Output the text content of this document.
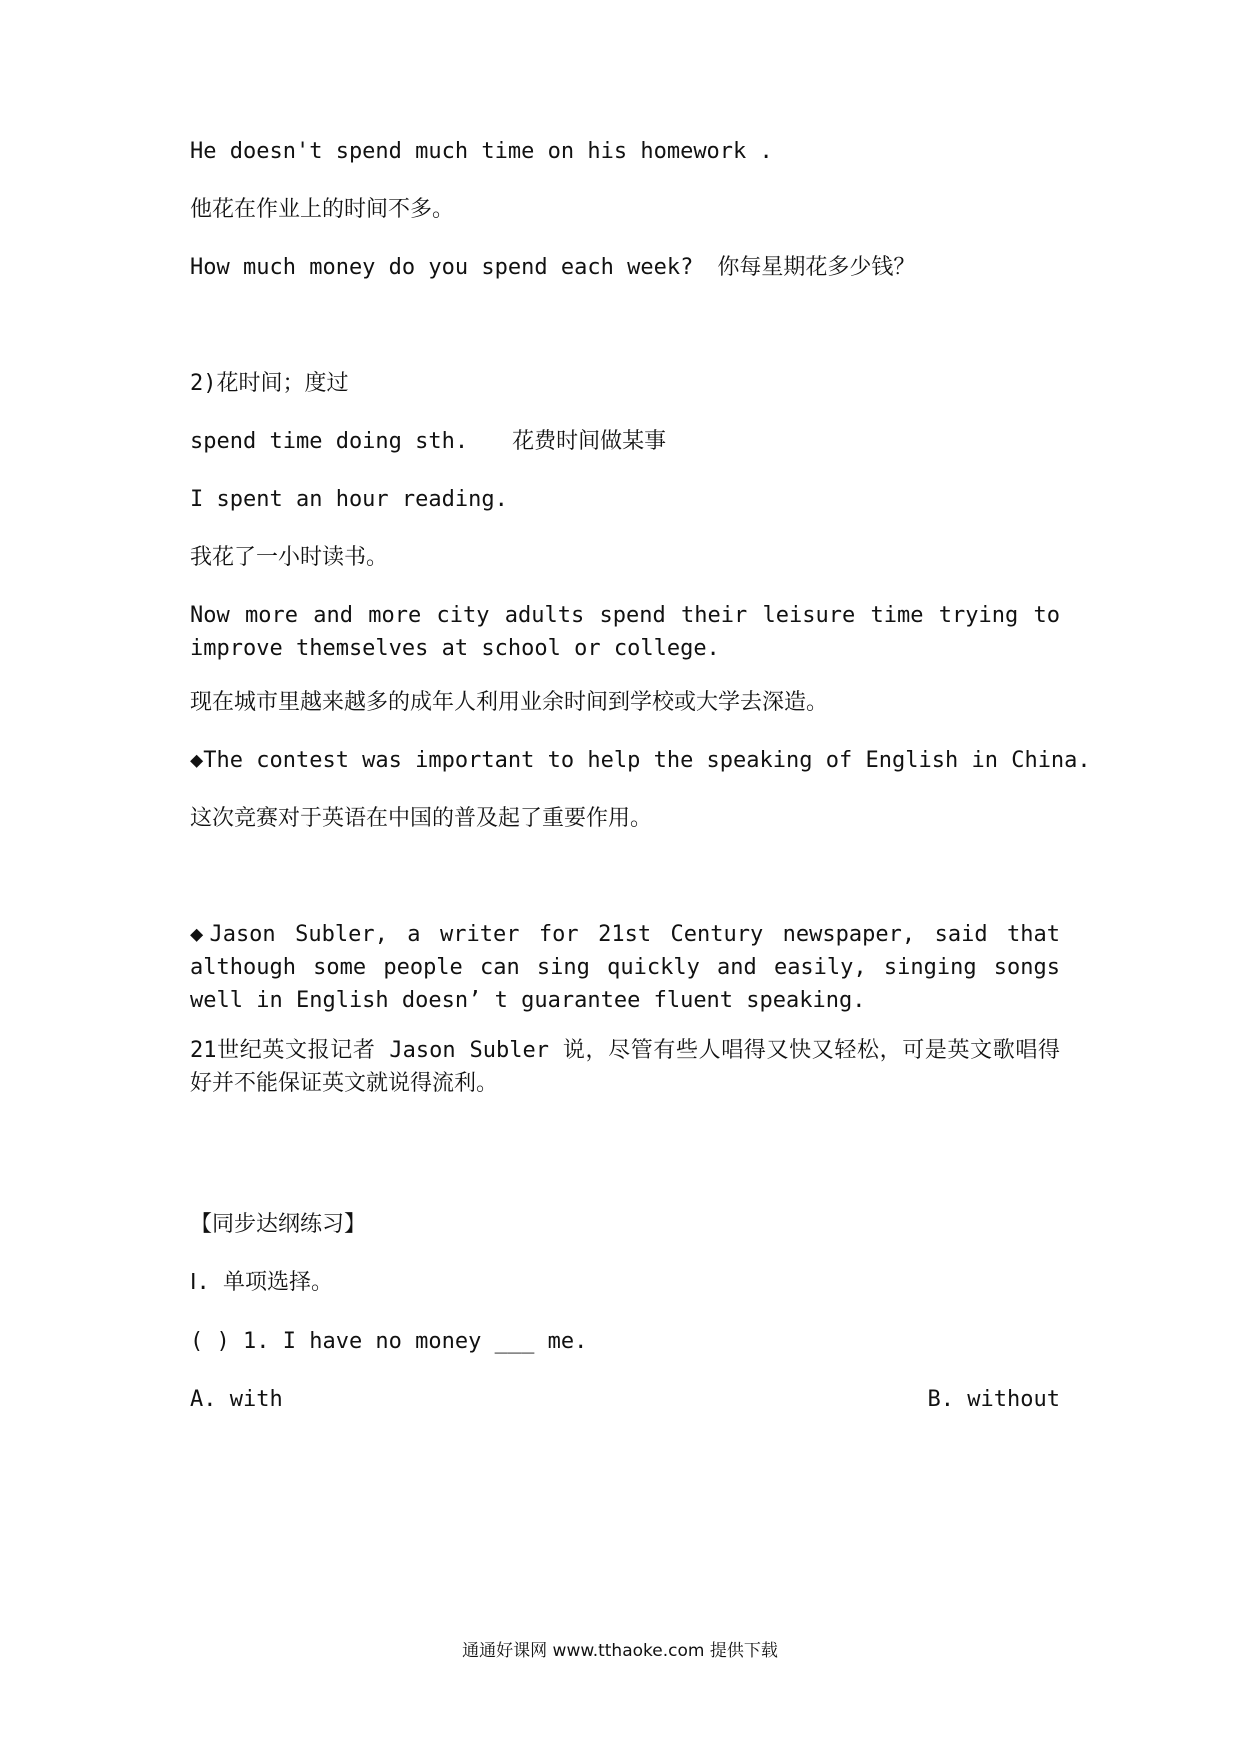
He doesn't spend much time on his homework .
他花在作业上的时间不多。
How much money do you spend each week? 你每星期花多少钱？
2)花时间；度过
spend time doing sth. 花费时间做某事
I spent an hour reading.
我花了一小时读书。
Now more and more city adults spend their leisure time trying to improve themselves at school or college.
现在城市里越来越多的成年人利用业余时间到学校或大学去深造。
◆The contest was important to help the speaking of English in China.
这次竞赛对于英语在中国的普及起了重要作用。
◆Jason Subler, a writer for 21st Century newspaper, said that although some people can sing quickly and easily, singing songs well in English doesn’ t guarantee fluent speaking.
21世纪英文报记者 Jason Subler 说，尽管有些人唱得又快又轻松，可是英文歌唱得好并不能保证英文就说得流利。
【同步达纲练习】
Ⅰ. 单项选择。
( ) 1. I have no money ___ me.
A. with	B. without
通通好课网 www.tthaoke.com 提供下载
